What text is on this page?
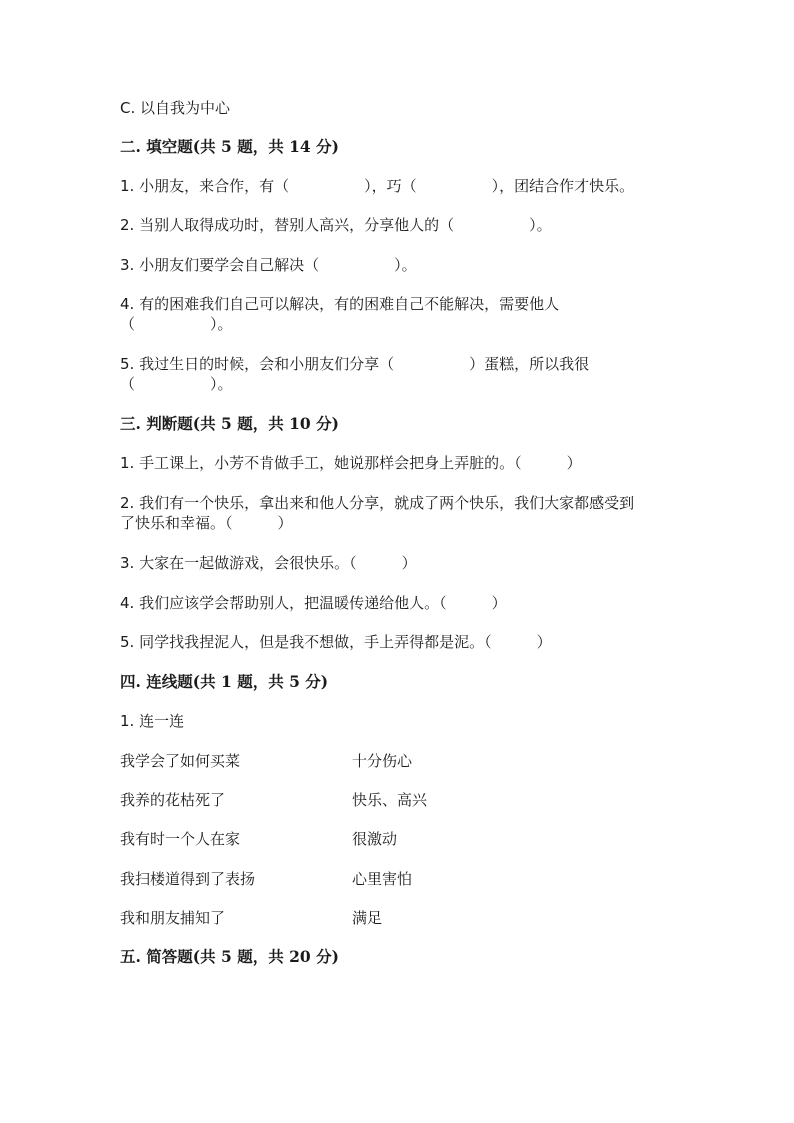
C. 以自我为中心
二. 填空题(共 5 题，共 14 分)
1. 小朋友，来合作，有（　　　　　），巧（　　　　　），团结合作才快乐。
2. 当别人取得成功时，替别人高兴，分享他人的（　　　　　）。
3. 小朋友们要学会自己解决（　　　　　）。
4. 有的困难我们自己可以解决，有的困难自己不能解决，需要他人
（　　　　　）。
5. 我过生日的时候，会和小朋友们分享（　　　　　）蛋糕，所以我很
（　　　　　）。
三. 判断题(共 5 题，共 10 分)
1. 手工课上，小芳不肯做手工，她说那样会把身上弄脏的。（　　　）
2. 我们有一个快乐，拿出来和他人分享，就成了两个快乐，我们大家都感受到
了快乐和幸福。（　　　）
3. 大家在一起做游戏，会很快乐。（　　　）
4. 我们应该学会帮助别人，把温暖传递给他人。（　　　）
5. 同学找我捏泥人，但是我不想做，手上弄得都是泥。（　　　）
四. 连线题(共 1 题，共 5 分)
1. 连一连
我学会了如何买菜	十分伤心
我养的花枯死了	快乐、高兴
我有时一个人在家	很激动
我扫楼道得到了表扬	心里害怕
我和朋友捕知了	满足
五. 简答题(共 5 题，共 20 分)
